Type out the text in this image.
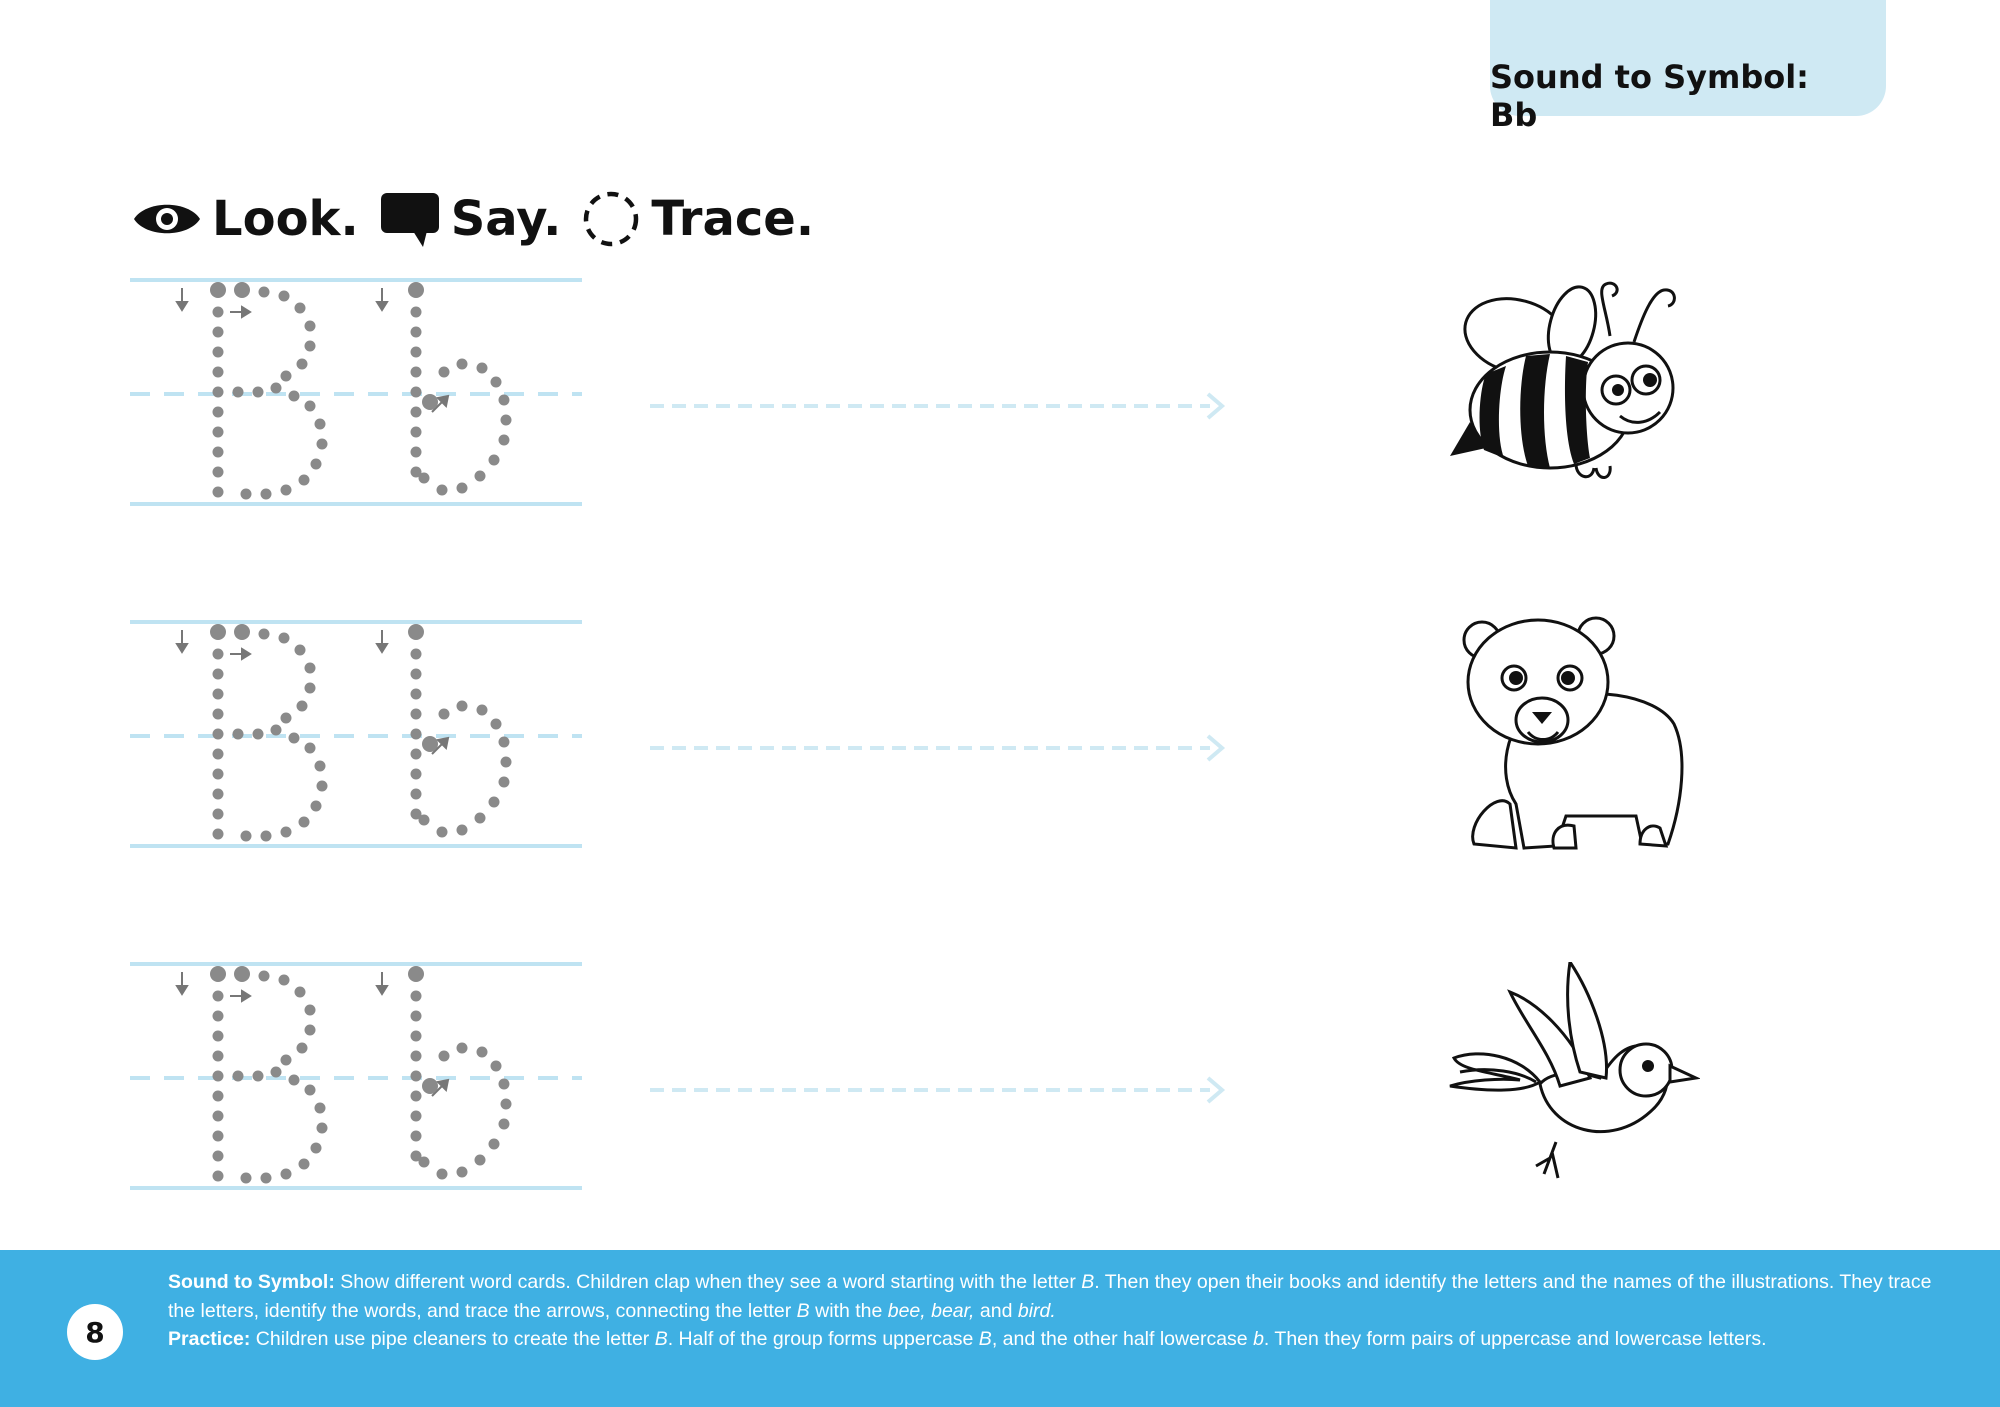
Sound to Symbol: Bb
Look. Say. Trace.
8

Sound to Symbol: Show different word cards. Children clap when they see a word starting with the letter B. Then they open their books and identify the letters and the names of the illustrations. They trace the letters, identify the words, and trace the arrows, connecting the letter B with the bee, bear, and bird.

Practice: Children use pipe cleaners to create the letter B. Half of the group forms uppercase B, and the other half lowercase b. Then they form pairs of uppercase and lowercase letters.
